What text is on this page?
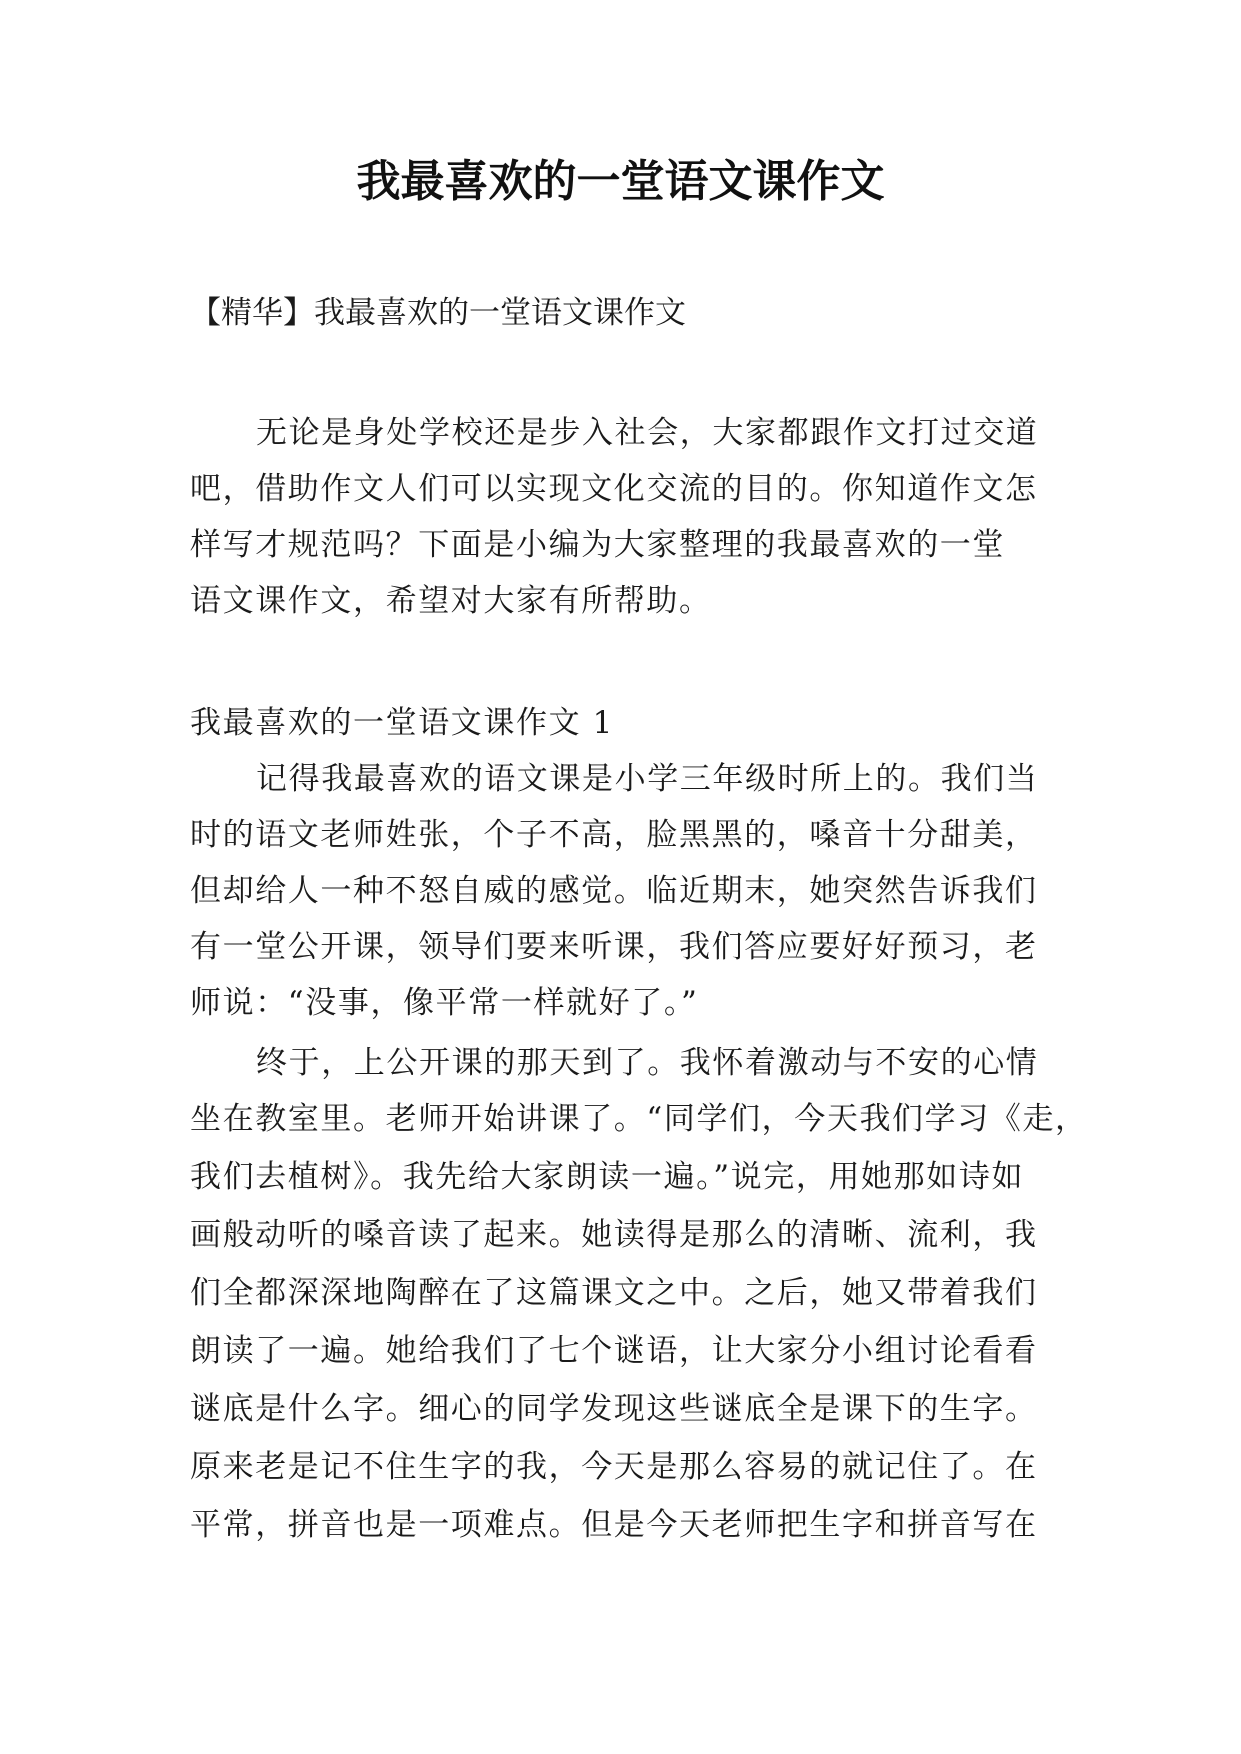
我最喜欢的一堂语文课作文
【精华】我最喜欢的一堂语文课作文
无论是身处学校还是步入社会，大家都跟作文打过交道
吧，借助作文人们可以实现文化交流的目的。你知道作文怎
样写才规范吗？下面是小编为大家整理的我最喜欢的一堂
语文课作文，希望对大家有所帮助。
我最喜欢的一堂语文课作文 1
记得我最喜欢的语文课是小学三年级时所上的。我们当
时的语文老师姓张，个子不高，脸黑黑的，嗓音十分甜美，
但却给人一种不怒自威的感觉。临近期末，她突然告诉我们
有一堂公开课，领导们要来听课，我们答应要好好预习，老
师说：“没事，像平常一样就好了。”
终于，上公开课的那天到了。我怀着激动与不安的心情
坐在教室里。老师开始讲课了。“同学们，今天我们学习《走，
我们去植树》。我先给大家朗读一遍。”说完，用她那如诗如
画般动听的嗓音读了起来。她读得是那么的清晰、流利，我
们全都深深地陶醉在了这篇课文之中。之后，她又带着我们
朗读了一遍。她给我们了七个谜语，让大家分小组讨论看看
谜底是什么字。细心的同学发现这些谜底全是课下的生字。
原来老是记不住生字的我，今天是那么容易的就记住了。在
平常，拼音也是一项难点。但是今天老师把生字和拼音写在
